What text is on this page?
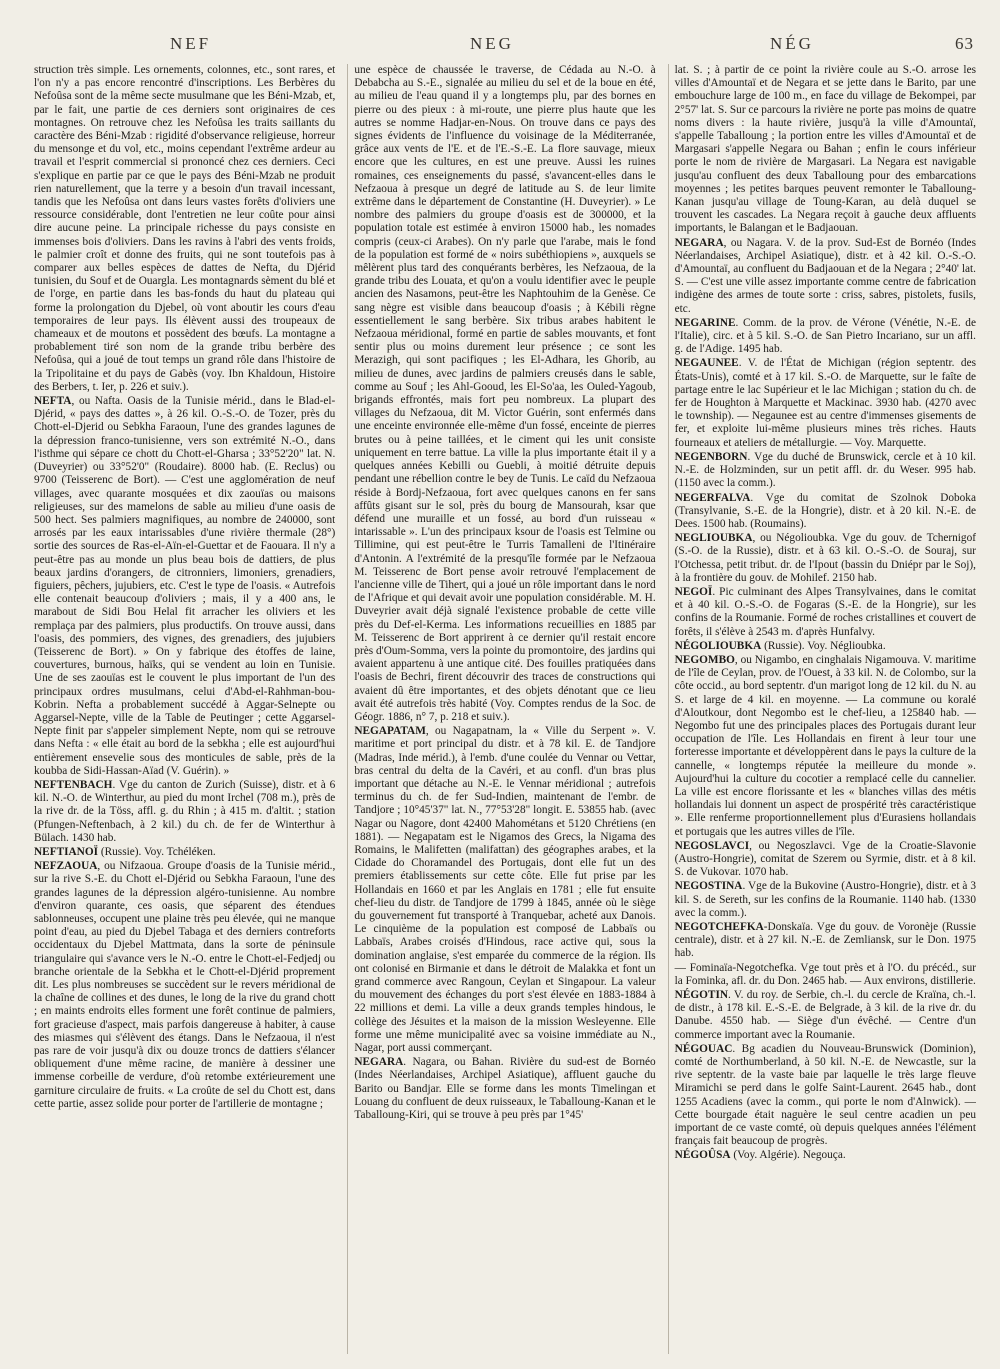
NEF	NEG	NÉG	63

struction très simple. Les ornements, colonnes, etc., sont rares, et l'on n'y a pas encore rencontré d'inscriptions. Les Berbères du Nefoûsa sont de la même secte musulmane que les Béni-Mzab, et, par le fait, une partie de ces derniers sont originaires de ces montagnes. On retrouve chez les Nefoûsa les traits saillants du caractère des Béni-Mzab : rigidité d'observance religieuse, horreur du mensonge et du vol, etc., moins cependant l'extrême ardeur au travail et l'esprit commercial si prononcé chez ces derniers. Ceci s'explique en partie par ce que le pays des Béni-Mzab ne produit rien naturellement, que la terre y a besoin d'un travail incessant, tandis que les Nefoûsa ont dans leurs vastes forêts d'oliviers une ressource considérable, dont l'entretien ne leur coûte pour ainsi dire aucune peine. La principale richesse du pays consiste en immenses bois d'oliviers. Dans les ravins à l'abri des vents froids, le palmier croît et donne des fruits, qui ne sont toutefois pas à comparer aux belles espèces de dattes de Nefta, du Djérid tunisien, du Souf et de Ouargla. Les montagnards sèment du blé et de l'orge, en partie dans les bas-fonds du haut du plateau qui forme la prolongation du Djebel, où vont aboutir les cours d'eau temporaires de leur pays. Ils élèvent aussi des troupeaux de chameaux et de moutons et possèdent des bœufs. La montagne a probablement tiré son nom de la grande tribu berbère des Nefoûsa, qui a joué de tout temps un grand rôle dans l'histoire de la Tripolitaine et du pays de Gabès (voy. Ibn Khaldoun, Histoire des Berbers, t. Ier, p. 226 et suiv.).

NEFTA, ou Nafta. Oasis de la Tunisie mérid., dans le Blad-el-Djérid, « pays des dattes », à 26 kil. O.-S.-O. de Tozer, près du Chott-el-Djerid ou Sebkha Faraoun, l'une des grandes lagunes de la dépression franco-tunisienne, vers son extrémité N.-O., dans l'isthme qui sépare ce chott du Chott-el-Gharsa ; 33°52'20" lat. N. (Duveyrier) ou 33°52'0" (Roudaire). 8000 hab. (E. Reclus) ou 9700 (Teisserenc de Bort). — C'est une agglomération de neuf villages, avec quarante mosquées et dix zaouïas ou maisons religieuses, sur des mamelons de sable au milieu d'une oasis de 500 hect. Ses palmiers magnifiques, au nombre de 240000, sont arrosés par les eaux intarissables d'une rivière thermale (28°) sortie des sources de Ras-el-Aïn-el-Guettar et de Faouara. Il n'y a peut-être pas au monde un plus beau bois de dattiers, de plus beaux jardins d'orangers, de citronniers, limoniers, grenadiers, figuiers, pêchers, jujubiers, etc. C'est le type de l'oasis. « Autrefois elle contenait beaucoup d'oliviers ; mais, il y a 400 ans, le marabout de Sidi Bou Helal fit arracher les oliviers et les remplaça par des palmiers, plus productifs. On trouve aussi, dans l'oasis, des pommiers, des vignes, des grenadiers, des jujubiers (Teisserenc de Bort). » On y fabrique des étoffes de laine, couvertures, burnous, haïks, qui se vendent au loin en Tunisie. Une de ses zaouïas est le couvent le plus important de l'un des principaux ordres musulmans, celui d'Abd-el-Rahhman-bou-Kobrin. Nefta a probablement succédé à Aggar-Selnepte ou Aggarsel-Nepte, ville de la Table de Peutinger ; cette Aggarsel-Nepte finit par s'appeler simplement Nepte, nom qui se retrouve dans Nefta : « elle était au bord de la sebkha ; elle est aujourd'hui entièrement ensevelie sous des monticules de sable, près de la koubba de Sidi-Hassan-Aïad (V. Guérin). »

NEFTENBACH. Vge du canton de Zurich (Suisse), distr. et à 6 kil. N.-O. de Winterthur, au pied du mont Irchel (708 m.), près de la rive dr. de la Töss, affl. g. du Rhin ; à 415 m. d'altit. ; station (Pfungen-Neftenbach, à 2 kil.) du ch. de fer de Winterthur à Bülach. 1430 hab.

NEFTIANOÏ (Russie). Voy. Tchéléken.

NEFZAOUA, ou Nifzaoua. Groupe d'oasis de la Tunisie mérid., sur la rive S.-E. du Chott el-Djérid ou Sebkha Faraoun, l'une des grandes lagunes de la dépression algéro-tunisienne. Au nombre d'environ quarante, ces oasis, que séparent des étendues sablonneuses, occupent une plaine très peu élevée, qui ne manque point d'eau, au pied du Djebel Tabaga et des derniers contreforts occidentaux du Djebel Mattmata, dans la sorte de péninsule triangulaire qui s'avance vers le N.-O. entre le Chott-el-Fedjedj ou branche orientale de la Sebkha et le Chott-el-Djérid proprement dit. Les plus nombreuses se succèdent sur le revers méridional de la chaîne de collines et des dunes, le long de la rive du grand chott ; en maints endroits elles forment une forêt continue de palmiers, fort gracieuse d'aspect, mais parfois dangereuse à habiter, à cause des miasmes qui s'élèvent des étangs. Dans le Nefzaoua, il n'est pas rare de voir jusqu'à dix ou douze troncs de dattiers s'élancer obliquement d'une même racine, de manière à dessiner une immense corbeille de verdure, d'où retombe extérieurement une garniture circulaire de fruits. « La croûte de sel du Chott est, dans cette partie, assez solide pour porter de l'artillerie de montagne ;

une espèce de chaussée le traverse, de Cédada au N.-O. à Debabcha au S.-E., signalée au milieu du sel et de la boue en été, au milieu de l'eau quand il y a longtemps plu, par des bornes en pierre ou des pieux : à mi-route, une pierre plus haute que les autres se nomme Hadjar-en-Nous. On trouve dans ce pays des signes évidents de l'influence du voisinage de la Méditerranée, grâce aux vents de l'E. et de l'E.-S.-E. La flore sauvage, mieux encore que les cultures, en est une preuve. Aussi les ruines romaines, ces enseignements du passé, s'avancent-elles dans le Nefzaoua à presque un degré de latitude au S. de leur limite extrême dans le département de Constantine (H. Duveyrier). » Le nombre des palmiers du groupe d'oasis est de 300000, et la population totale est estimée à environ 15000 hab., les nomades compris (ceux-ci Arabes). On n'y parle que l'arabe, mais le fond de la population est formé de « noirs subéthiopiens », auxquels se mêlèrent plus tard des conquérants berbères, les Nefzaoua, de la grande tribu des Louata, et qu'on a voulu identifier avec le peuple ancien des Nasamons, peut-être les Naphtouhim de la Genèse. Ce sang nègre est visible dans beaucoup d'oasis ; à Kébili règne essentiellement le sang berbère. Six tribus arabes habitent le Nefzaoua méridional, formé en partie de sables mouvants, et font sentir plus ou moins durement leur présence ; ce sont les Merazigh, qui sont pacifiques ; les El-Adhara, les Ghorib, au milieu de dunes, avec jardins de palmiers creusés dans le sable, comme au Souf ; les Ahl-Gooud, les El-So'aa, les Ouled-Yagoub, brigands effrontés, mais fort peu nombreux. La plupart des villages du Nefzaoua, dit M. Victor Guérin, sont enfermés dans une enceinte environnée elle-même d'un fossé, enceinte de pierres brutes ou à peine taillées, et le ciment qui les unit consiste uniquement en terre battue. La ville la plus importante était il y a quelques années Kebilli ou Guebli, à moitié détruite depuis pendant une rébellion contre le bey de Tunis. Le caïd du Nefzaoua réside à Bordj-Nefzaoua, fort avec quelques canons en fer sans affûts gisant sur le sol, près du bourg de Mansourah, ksar que défend une muraille et un fossé, au bord d'un ruisseau « intarissable ». L'un des principaux ksour de l'oasis est Telmine ou Tillimine, qui est peut-être le Turris Tamalleni de l'Itinéraire d'Antonin. A l'extrémité de la presqu'île formée par le Nefzaoua M. Teisserenc de Bort pense avoir retrouvé l'emplacement de l'ancienne ville de Tihert, qui a joué un rôle important dans le nord de l'Afrique et qui devait avoir une population considérable. M. H. Duveyrier avait déjà signalé l'existence probable de cette ville près du Def-el-Kerma. Les informations recueillies en 1885 par M. Teisserenc de Bort apprirent à ce dernier qu'il restait encore près d'Oum-Somma, vers la pointe du promontoire, des jardins qui avaient appartenu à une antique cité. Des fouilles pratiquées dans l'oasis de Bechri, firent découvrir des traces de constructions qui avaient dû être importantes, et des objets dénotant que ce lieu avait été autrefois très habité (Voy. Comptes rendus de la Soc. de Géogr. 1886, n° 7, p. 218 et suiv.).

NEGAPATAM, ou Nagapatnam, la « Ville du Serpent ». V. maritime et port principal du distr. et à 78 kil. E. de Tandjore (Madras, Inde mérid.), à l'emb. d'une coulée du Vennar ou Vettar, bras central du delta de la Cavéri, et au confl. d'un bras plus important que détache au N.-E. le Vennar méridional ; autrefois terminus du ch. de fer Sud-Indien, maintenant de l'embr. de Tandjore ; 10°45'37" lat. N., 77°53'28" longit. E. 53855 hab. (avec Nagar ou Nagore, dont 42400 Mahométans et 5120 Chrétiens (en 1881). — Negapatam est le Nigamos des Grecs, la Nigama des Romains, le Malifetten (malifattan) des géographes arabes, et la Cidade do Choramandel des Portugais, dont elle fut un des premiers établissements sur cette côte. Elle fut prise par les Hollandais en 1660 et par les Anglais en 1781 ; elle fut ensuite chef-lieu du distr. de Tandjore de 1799 à 1845, année où le siège du gouvernement fut transporté à Tranquebar, acheté aux Danois. Le cinquième de la population est composé de Labbaïs ou Labbaïs, Arabes croisés d'Hindous, race active qui, sous la domination anglaise, s'est emparée du commerce de la région. Ils ont colonisé en Birmanie et dans le détroit de Malakka et font un grand commerce avec Rangoun, Ceylan et Singapour. La valeur du mouvement des échanges du port s'est élevée en 1883-1884 à 22 millions et demi. La ville a deux grands temples hindous, le collège des Jésuites et la maison de la mission Wesleyenne. Elle forme une même municipalité avec sa voisine immédiate au N., Nagar, port aussi commerçant.

NEGARA. Nagara, ou Bahan. Rivière du sud-est de Bornéo (Indes Néerlandaises, Archipel Asiatique), affluent gauche du Barito ou Bandjar. Elle se forme dans les monts Timelingan et Louang du confluent de deux ruisseaux, le Taballoung-Kanan et le Taballoung-Kiri, qui se trouve à peu près par 1°45'

lat. S. ; à partir de ce point la rivière coule au S.-O. arrose les villes d'Amountaï et de Negara et se jette dans le Barito, par une embouchure large de 100 m., en face du village de Bekompei, par 2°57' lat. S. Sur ce parcours la rivière ne porte pas moins de quatre noms divers : la haute rivière, jusqu'à la ville d'Amountaï, s'appelle Taballoung ; la portion entre les villes d'Amountaï et de Margasari s'appelle Negara ou Bahan ; enfin le cours inférieur porte le nom de rivière de Margasari. La Negara est navigable jusqu'au confluent des deux Taballoung pour des embarcations moyennes ; les petites barques peuvent remonter le Taballoung-Kanan jusqu'au village de Toung-Karan, au delà duquel se trouvent les cascades. La Negara reçoit à gauche deux affluents importants, le Balangan et le Badjaouan.

NEGARA, ou Nagara. V. de la prov. Sud-Est de Bornéo (Indes Néerlandaises, Archipel Asiatique), distr. et à 42 kil. O.-S.-O. d'Amountaï, au confluent du Badjaouan et de la Negara ; 2°40' lat. S. — C'est une ville assez importante comme centre de fabrication indigène des armes de toute sorte : criss, sabres, pistolets, fusils, etc.

NEGARINE. Comm. de la prov. de Vérone (Vénétie, N.-E. de l'Italie), circ. et à 5 kil. S.-O. de San Pietro Incariano, sur un affl. g. de l'Adige. 1495 hab.

NEGAUNEE. V. de l'État de Michigan (région septentr. des États-Unis), comté et à 17 kil. S.-O. de Marquette, sur le faîte de partage entre le lac Supérieur et le lac Michigan ; station du ch. de fer de Houghton à Marquette et Mackinac. 3930 hab. (4270 avec le township). — Negaunee est au centre d'immenses gisements de fer, et exploite lui-même plusieurs mines très riches. Hauts fourneaux et ateliers de métallurgie. — Voy. Marquette.

NEGENBORN. Vge du duché de Brunswick, cercle et à 10 kil. N.-E. de Holzminden, sur un petit affl. dr. du Weser. 995 hab. (1150 avec la comm.).

NEGERFALVA. Vge du comitat de Szolnok Doboka (Transylvanie, S.-E. de la Hongrie), distr. et à 20 kil. N.-E. de Dees. 1500 hab. (Roumains).

NEGLIOUBKA, ou Négolioubka. Vge du gouv. de Tchernigof (S.-O. de la Russie), distr. et à 63 kil. O.-S.-O. de Souraj, sur l'Otchessa, petit tribut. dr. de l'Ipout (bassin du Dniépr par le Soj), à la frontière du gouv. de Mohilef. 2150 hab.

NEGOÏ. Pic culminant des Alpes Transylvaines, dans le comitat et à 40 kil. O.-S.-O. de Fogaras (S.-E. de la Hongrie), sur les confins de la Roumanie. Formé de roches cristallines et couvert de forêts, il s'élève à 2543 m. d'après Hunfalvy.

NÉGOLIOUBKA (Russie). Voy. Néglioubka.

NEGOMBO, ou Nigambo, en cinghalais Nigamouva. V. maritime de l'île de Ceylan, prov. de l'Ouest, à 33 kil. N. de Colombo, sur la côte occid., au bord septentr. d'un marigot long de 12 kil. du N. au S. et large de 4 kil. en moyenne. — La commune ou koralé d'Aloutkour, dont Negombo est le chef-lieu, a 125840 hab. — Negombo fut une des principales places des Portugais durant leur occupation de l'île. Les Hollandais en firent à leur tour une forteresse importante et développèrent dans le pays la culture de la cannelle, « longtemps réputée la meilleure du monde ». Aujourd'hui la culture du cocotier a remplacé celle du cannelier. La ville est encore florissante et les « blanches villas des métis hollandais lui donnent un aspect de prospérité très caractéristique ». Elle renferme proportionnellement plus d'Eurasiens hollandais et portugais que les autres villes de l'île.

NEGOSLAVCI, ou Negoszlavci. Vge de la Croatie-Slavonie (Austro-Hongrie), comitat de Szerem ou Syrmie, distr. et à 8 kil. S. de Vukovar. 1070 hab.

NEGOSTINA. Vge de la Bukovine (Austro-Hongrie), distr. et à 3 kil. S. de Sereth, sur les confins de la Roumanie. 1140 hab. (1330 avec la comm.).

NEGOTCHEFKA-Donskaïa. Vge du gouv. de Voronèje (Russie centrale), distr. et à 27 kil. N.-E. de Zemliansk, sur le Don. 1975 hab.

— Fominaïa-Negotchefka. Vge tout près et à l'O. du précéd., sur la Fominka, afl. dr. du Don. 2465 hab. — Aux environs, distillerie.

NÉGOTIN. V. du roy. de Serbie, ch.-l. du cercle de Kraïna, ch.-l. de distr., à 178 kil. E.-S.-E. de Belgrade, à 3 kil. de la rive dr. du Danube. 4550 hab. — Siège d'un évêché. — Centre d'un commerce important avec la Roumanie.

NÉGOUAC. Bg acadien du Nouveau-Brunswick (Dominion), comté de Northumberland, à 50 kil. N.-E. de Newcastle, sur la rive septentr. de la vaste baie par laquelle le très large fleuve Miramichi se perd dans le golfe Saint-Laurent. 2645 hab., dont 1255 Acadiens (avec la comm., qui porte le nom d'Alnwick). — Cette bourgade était naguère le seul centre acadien un peu important de ce vaste comté, où depuis quelques années l'élément français fait beaucoup de progrès.

NÉGOÛSA (Voy. Algérie). Negouça.
